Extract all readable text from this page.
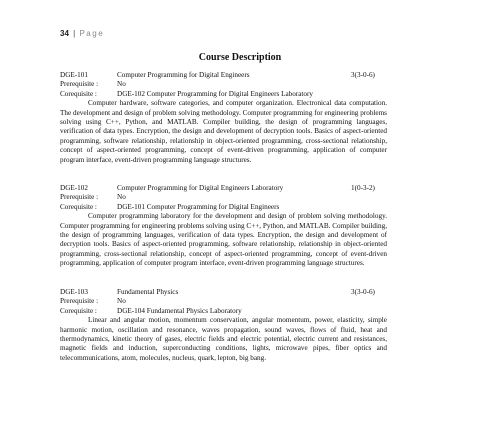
34 | Page
Course Description
DGE-101	Computer Programming for Digital Engineers	3(3-0-6)
Prerequisite :	No
Corequisite :	DGE-102 Computer Programming for Digital Engineers Laboratory
Computer hardware, software categories, and computer organization. Electronical data computation. The development and design of problem solving methodology. Computer programming for engineering problems solving using C++, Python, and MATLAB. Compiler building, the design of programming languages, verification of data types. Encryption, the design and development of decryption tools. Basics of aspect-oriented programming, software relationship, relationship in object-oriented programming, cross-sectional relationship, concept of aspect-oriented programming, concept of event-driven programming, application of computer program interface, event-driven programming language structures.
DGE-102	Computer Programming for Digital Engineers Laboratory	1(0-3-2)
Prerequisite :	No
Corequisite :	DGE-101 Computer Programming for Digital Engineers
Computer programming laboratory for the development and design of problem solving methodology. Computer programming for engineering problems solving using C++, Python, and MATLAB. Compiler building, the design of programming languages, verification of data types. Encryption, the design and development of decryption tools. Basics of aspect-oriented programming, software relationship, relationship in object-oriented programming, cross-sectional relationship, concept of aspect-oriented programming, concept of event-driven programming, application of computer program interface, event-driven programming language structures.
DGE-103	Fundamental Physics	3(3-0-6)
Prerequisite :	No
Corequisite :	DGE-104 Fundamental Physics Laboratory
Linear and angular motion, momentum conservation, angular momentum, power, elasticity, simple harmonic motion, oscillation and resonance, waves propagation, sound waves, flows of fluid, heat and thermodynamics, kinetic theory of gases, electric fields and electric potential, electric current and resistances, magnetic fields and induction, superconducting conditions, lights, microwave pipes, fiber optics and telecommunications, atom, molecules, nucleus, quark, lepton, big bang.
